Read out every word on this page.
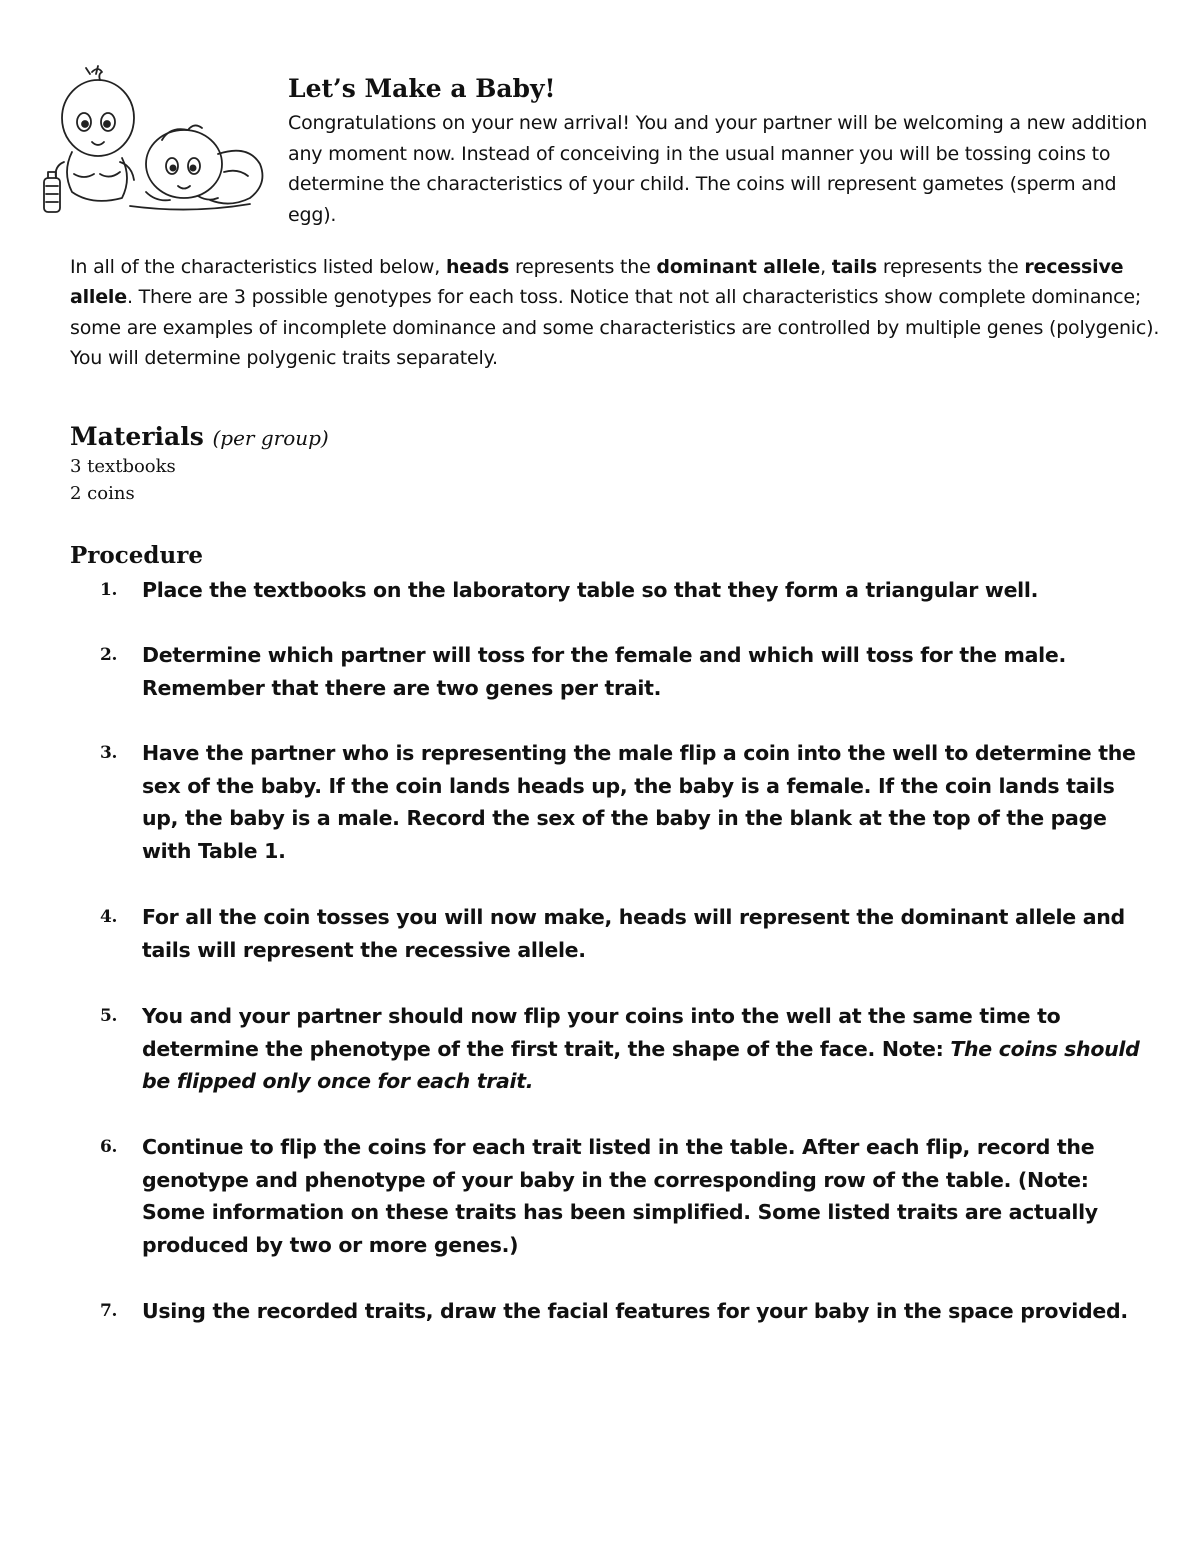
Let’s Make a Baby!

Congratulations on your new arrival! You and your partner will be welcoming a new addition any moment now. Instead of conceiving in the usual manner you will be tossing coins to determine the characteristics of your child. The coins will represent gametes (sperm and egg).

In all of the characteristics listed below, heads represents the dominant allele, tails represents the recessive allele. There are 3 possible genotypes for each toss. Notice that not all characteristics show complete dominance; some are examples of incomplete dominance and some characteristics are controlled by multiple genes (polygenic). You will determine polygenic traits separately.

Materials (per group)
3 textbooks
2 coins
Procedure
1. Place the textbooks on the laboratory table so that they form a triangular well.
2. Determine which partner will toss for the female and which will toss for the male. Remember that there are two genes per trait.
3. Have the partner who is representing the male flip a coin into the well to determine the sex of the baby. If the coin lands heads up, the baby is a female. If the coin lands tails up, the baby is a male. Record the sex of the baby in the blank at the top of the page with Table 1.
4. For all the coin tosses you will now make, heads will represent the dominant allele and tails will represent the recessive allele.
5. You and your partner should now flip your coins into the well at the same time to determine the phenotype of the first trait, the shape of the face. Note: The coins should be flipped only once for each trait.
6. Continue to flip the coins for each trait listed in the table. After each flip, record the genotype and phenotype of your baby in the corresponding row of the table. (Note: Some information on these traits has been simplified. Some listed traits are actually produced by two or more genes.)
7. Using the recorded traits, draw the facial features for your baby in the space provided.
